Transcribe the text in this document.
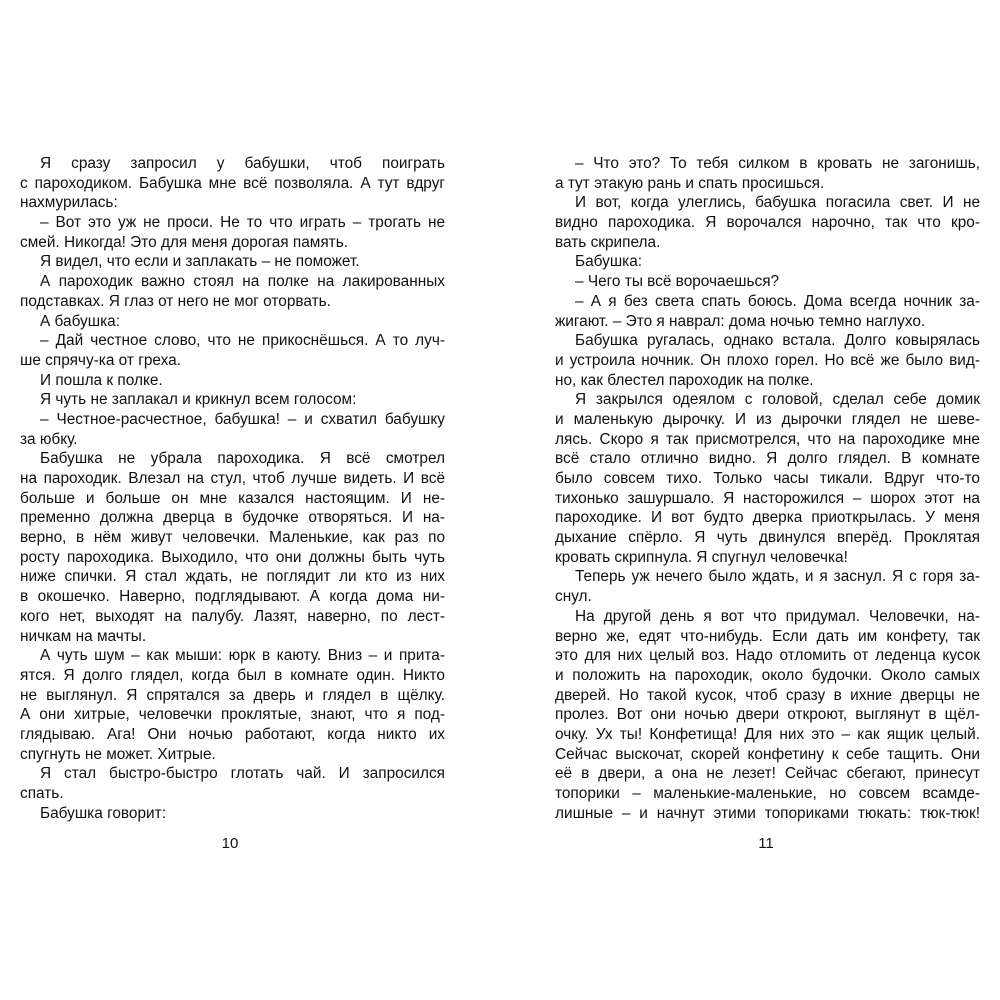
Я сразу запросил у бабушки, чтоб поиграть
с пароходиком. Бабушка мне всё позволяла. А тут вдруг
нахмурилась:
– Вот это уж не проси. Не то что играть – трогать не
смей. Никогда! Это для меня дорогая память.
Я видел, что если и заплакать – не поможет.
А пароходик важно стоял на полке на лакированных
подставках. Я глаз от него не мог оторвать.
А бабушка:
– Дай честное слово, что не прикоснёшься. А то луч-
ше спрячу-ка от греха.
И пошла к полке.
Я чуть не заплакал и крикнул всем голосом:
– Честное-расчестное, бабушка! – и схватил бабушку
за юбку.
Бабушка не убрала пароходика. Я всё смотрел
на пароходик. Влезал на стул, чтоб лучше видеть. И всё
больше и больше он мне казался настоящим. И не-
пременно должна дверца в будочке отворяться. И на-
верно, в нём живут человечки. Маленькие, как раз по
росту пароходика. Выходило, что они должны быть чуть
ниже спички. Я стал ждать, не поглядит ли кто из них
в окошечко. Наверно, подглядывают. А когда дома ни-
кого нет, выходят на палубу. Лазят, наверно, по лест-
ничкам на мачты.
А чуть шум – как мыши: юрк в каюту. Вниз – и прита-
ятся. Я долго глядел, когда был в комнате один. Никто
не выглянул. Я спрятался за дверь и глядел в щёлку.
А они хитрые, человечки проклятые, знают, что я под-
глядываю. Ага! Они ночью работают, когда никто их
спугнуть не может. Хитрые.
Я стал быстро-быстро глотать чай. И запросился
спать.
Бабушка говорит:
10
– Что это? То тебя силком в кровать не загонишь,
а тут этакую рань и спать просишься.
И вот, когда улеглись, бабушка погасила свет. И не
видно пароходика. Я ворочался нарочно, так что кро-
вать скрипела.
Бабушка:
– Чего ты всё ворочаешься?
– А я без света спать боюсь. Дома всегда ночник за-
жигают. – Это я наврал: дома ночью темно наглухо.
Бабушка ругалась, однако встала. Долго ковырялась
и устроила ночник. Он плохо горел. Но всё же было вид-
но, как блестел пароходик на полке.
Я закрылся одеялом с головой, сделал себе домик
и маленькую дырочку. И из дырочки глядел не шеве-
лясь. Скоро я так присмотрелся, что на пароходике мне
всё стало отлично видно. Я долго глядел. В комнате
было совсем тихо. Только часы тикали. Вдруг что-то
тихонько зашуршало. Я насторожился – шорох этот на
пароходике. И вот будто дверка приоткрылась. У меня
дыхание спёрло. Я чуть двинулся вперёд. Проклятая
кровать скрипнула. Я спугнул человечка!
Теперь уж нечего было ждать, и я заснул. Я с горя за-
снул.
На другой день я вот что придумал. Человечки, на-
верно же, едят что-нибудь. Если дать им конфету, так
это для них целый воз. Надо отломить от леденца кусок
и положить на пароходик, около будочки. Около самых
дверей. Но такой кусок, чтоб сразу в ихние дверцы не
пролез. Вот они ночью двери откроют, выглянут в щёл-
очку. Ух ты! Конфетища! Для них это – как ящик целый.
Сейчас выскочат, скорей конфетину к себе тащить. Они
её в двери, а она не лезет! Сейчас сбегают, принесут
топорики – маленькие-маленькие, но совсем всамде-
лишные – и начнут этими топориками тюкать: тюк-тюк!
11
